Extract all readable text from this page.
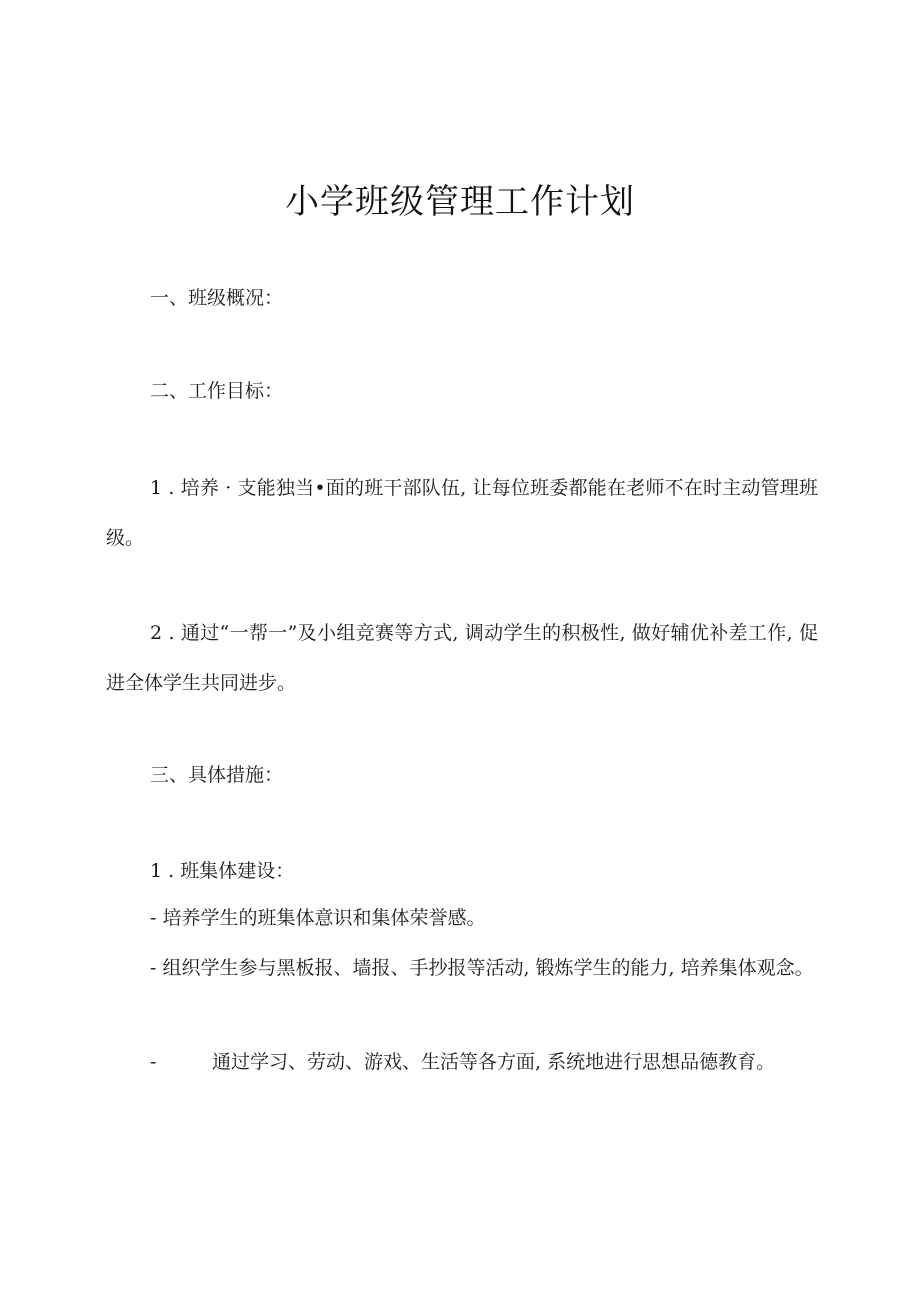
小学班级管理工作计划
一、班级概况：
二、工作目标：
1 . 培养 · 支能独当•面的班干部队伍, 让每位班委都能在老师不在时主动管理班级。
2 . 通过“一帮一”及小组竞赛等方式, 调动学生的积极性, 做好辅优补差工作, 促进全体学生共同进步。
三、具体措施：
1 . 班集体建设：
- 培养学生的班集体意识和集体荣誉感。
- 组织学生参与黑板报、墙报、手抄报等活动, 锻炼学生的能力, 培养集体观念。
-	通过学习、劳动、游戏、生活等各方面, 系统地进行思想品德教育。
